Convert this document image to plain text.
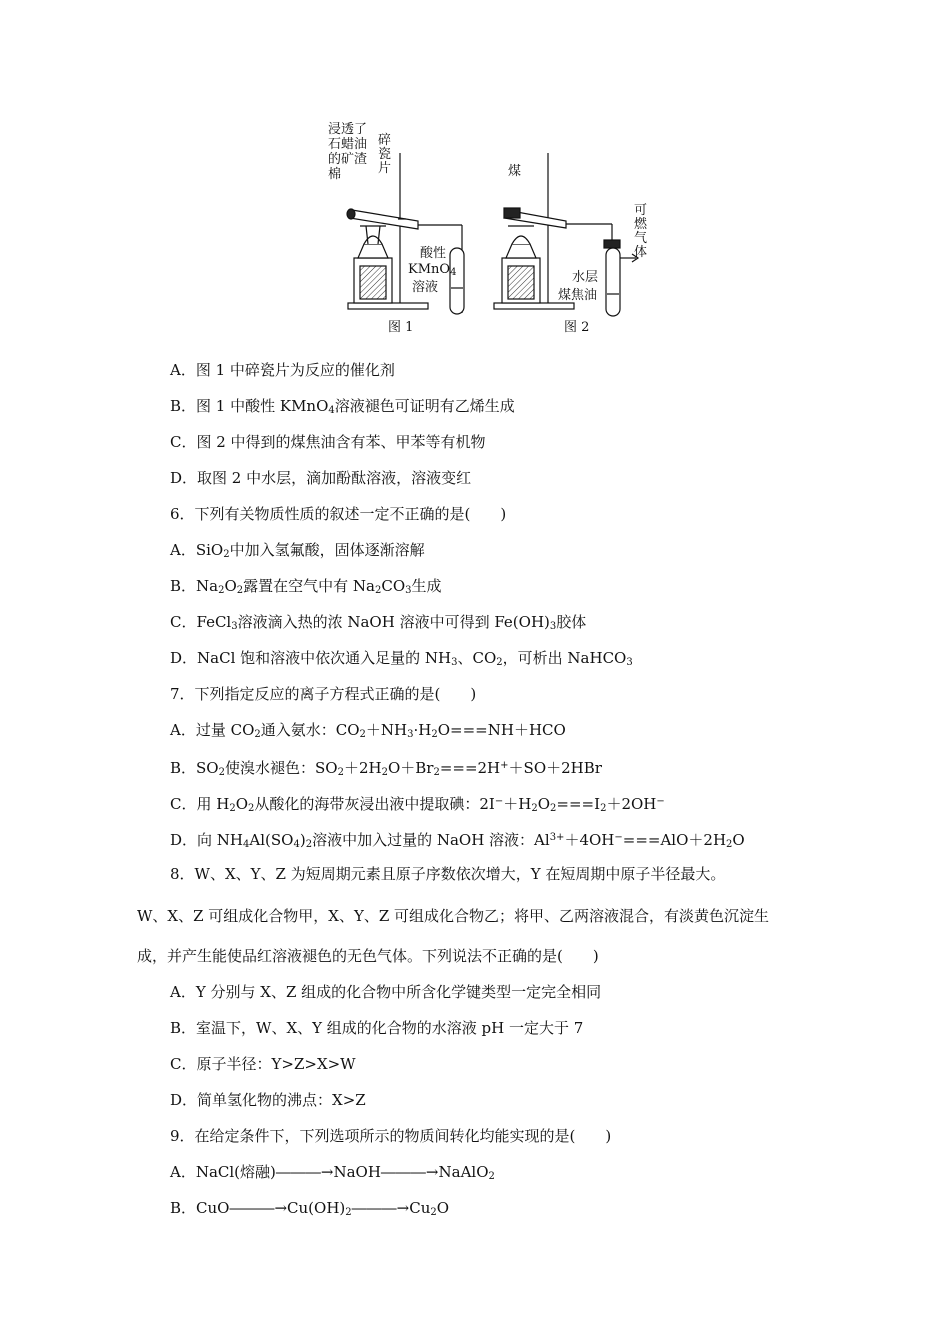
浸透了石蜡油的矿渣棉
碎瓷片
酸性
KMnO$_4$
溶液
图 1
煤
可燃气体
水层
煤焦油
图 2
A．图 1 中碎瓷片为反应的催化剂
B．图 1 中酸性 KMnO$_4$溶液褪色可证明有乙烯生成
C．图 2 中得到的煤焦油含有苯、甲苯等有机物
D．取图 2 中水层，滴加酚酞溶液，溶液变红
6．下列有关物质性质的叙述一定不正确的是(　　)
A．SiO$_2$中加入氢氟酸，固体逐渐溶解
B．$Na_2O_2$露置在空气中有 $Na_2CO_3$生成
C．FeCl$_3$溶液滴入热的浓 NaOH 溶液中可得到 $Fe(OH)_3$胶体
D．NaCl 饱和溶液中依次通入足量的 $NH_3$、$CO_2$，可析出 NaHCO$_3$
7．下列指定反应的离子方程式正确的是(　　)
A．过量 $CO_2$通入氨水：$CO_2+NH_3\cdot H_2O===NH+HCO$
B．$SO_2$使溴水褪色：$SO_2+2H_2O+Br_2===2H^++SO+2HBr$
C．用 $H_2O_2$从酸化的海带灰浸出液中提取碘：$2I^-+H_2O_2===I_2+2OH^-$
D．向 $NH_4Al(SO_4)_2$溶液中加入过量的 NaOH 溶液：$Al^{3+}+4OH^-===AlO+2H_2O$
8．W、X、Y、Z 为短周期元素且原子序数依次增大，Y 在短周期中原子半径最大。
W、X、Z 可组成化合物甲，X、Y、Z 可组成化合物乙；将甲、乙两溶液混合，有淡黄色沉淀生
成，并产生能使品红溶液褪色的无色气体。下列说法不正确的是(　　)
A．Y 分别与 X、Z 组成的化合物中所含化学键类型一定完全相同
B．室温下，W、X、Y 组成的化合物的水溶液 pH 一定大于 7
C．原子半径：Y>Z>X>W
D．简单氢化物的沸点：X>Z
9．在给定条件下，下列选项所示的物质间转化均能实现的是(　　)
A．NaCl(熔融)―――→NaOH―――→NaAlO$_2$
B．$CuO―――\to Cu(OH)_2―――\to Cu_2O$
